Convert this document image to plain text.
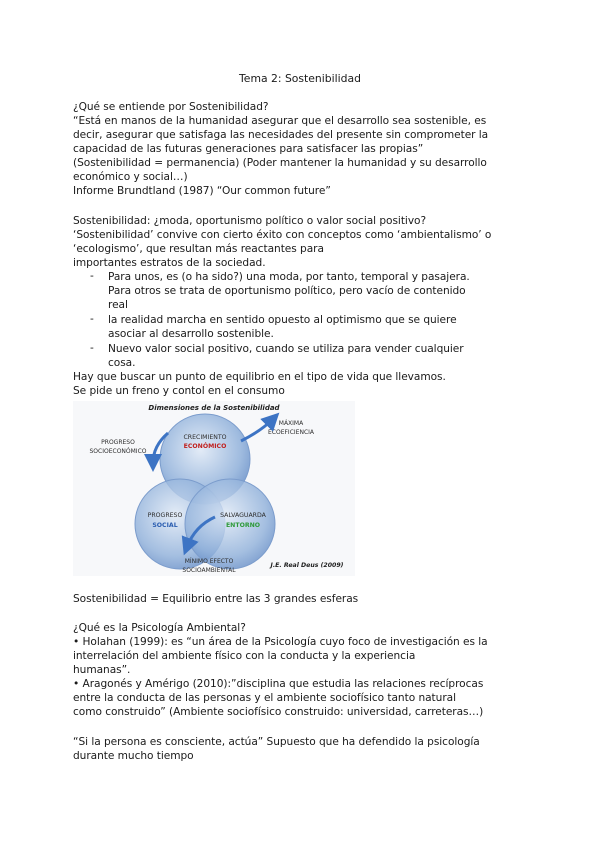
Tema 2: Sostenibilidad
¿Qué se entiende por Sostenibilidad?
“Está en manos de la humanidad asegurar que el desarrollo sea sostenible, es
decir, asegurar que satisfaga las necesidades del presente sin comprometer la
capacidad de las futuras generaciones para satisfacer las propias”
(Sostenibilidad = permanencia) (Poder mantener la humanidad y su desarrollo
económico y social…)
Informe Brundtland (1987) “Our common future”
Sostenibilidad: ¿moda, oportunismo político o valor social positivo?
‘Sostenibilidad’ convive con cierto éxito con conceptos como ‘ambientalismo’ o
‘ecologismo’, que resultan más reactantes para
importantes estratos de la sociedad.
- Para unos, es (o ha sido?) una moda, por tanto, temporal y pasajera.
Para otros se trata de oportunismo político, pero vacío de contenido
real
- la realidad marcha en sentido opuesto al optimismo que se quiere
asociar al desarrollo sostenible.
- Nuevo valor social positivo, cuando se utiliza para vender cualquier
cosa.
Hay que buscar un punto de equilibrio en el tipo de vida que llevamos.
Se pide un freno y contol en el consumo
Dimensiones de la Sostenibilidad
CRECIMIENTO
ECONÓMICO
PROGRESO
SOCIAL
SALVAGUARDA
ENTORNO
PROGRESO
SOCIOECONÓMICO
MÁXIMA
ECOEFICIENCIA
MÍNIMO EFECTO
SOCIOAMBIENTAL
J.E. Real Deus (2009)
Sostenibilidad = Equilibrio entre las 3 grandes esferas
¿Qué es la Psicología Ambiental?
• Holahan (1999): es “un área de la Psicología cuyo foco de investigación es la
interrelación del ambiente físico con la conducta y la experiencia
humanas”.
• Aragonés y Amérigo (2010):”disciplina que estudia las relaciones recíprocas
entre la conducta de las personas y el ambiente sociofísico tanto natural
como construido” (Ambiente sociofísico construido: universidad, carreteras…)
“Si la persona es consciente, actúa” Supuesto que ha defendido la psicología
durante mucho tiempo
